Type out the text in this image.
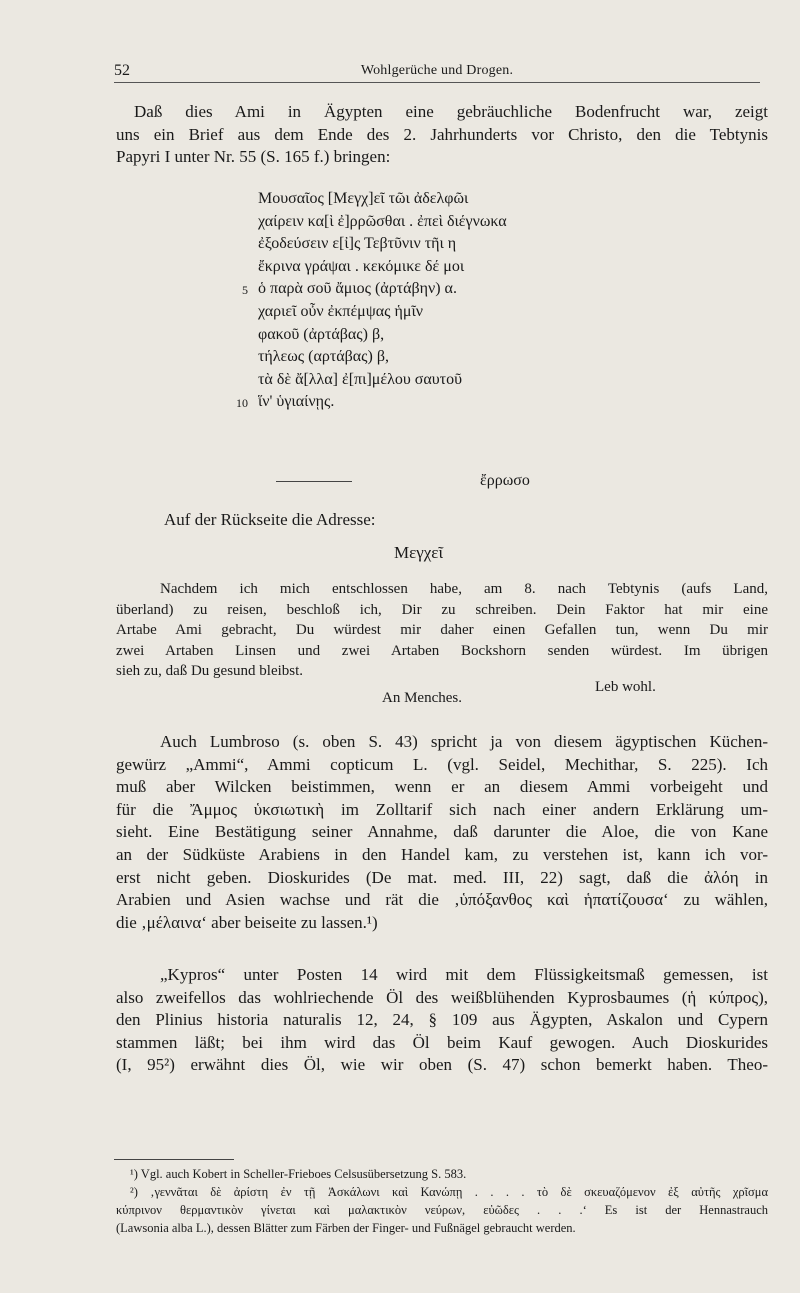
52	Wohlgerüche und Drogen.
Daß dies Ami in Ägypten eine gebräuchliche Bodenfrucht war, zeigt
uns ein Brief aus dem Ende des 2. Jahrhunderts vor Christo, den die Tebtynis
Papyri I unter Nr. 55 (S. 165 f.) bringen:
Μουσαῖος [Μεγχ]εῖ τῶι ἀδελφῶι
χαίρειν κα[ὶ ἐ]ρρῶσθαι . ἐπεὶ διέγνωκα
ἐξοδεύσειν ε[ἰ]ς Τεβτῦνιν τῆι η
ἔκρινα γράψαι . κεκόμικε δέ μοι
5 ὁ παρὰ σοῦ ἄμιος (ἀρτάβην) α.
χαριεῖ οὖν ἐκπέμψας ἡμῖν
φακοῦ (ἀρτάβας) β,
τήλεως (αρτάβας) β,
τὰ δὲ ἄ[λλα] ἐ[πι]μέλου σαυτοῦ
10 ἵν' ὑγιαίνῃς.
ἔρρωσο
Auf der Rückseite die Adresse:
Μεγχεῖ
Nachdem ich mich entschlossen habe, am 8. nach Tebtynis (aufs Land,
überland) zu reisen, beschloß ich, Dir zu schreiben. Dein Faktor hat mir eine
Artabe Ami gebracht, Du würdest mir daher einen Gefallen tun, wenn Du mir
zwei Artaben Linsen und zwei Artaben Bockshorn senden würdest. Im übrigen
sieh zu, daß Du gesund bleibst.
Leb wohl.
An Menches.
Auch Lumbroso (s. oben S. 43) spricht ja von diesem ägyptischen Küchen-
gewürz „Ammi“, Ammi copticum L. (vgl. Seidel, Mechithar, S. 225). Ich
muß aber Wilcken beistimmen, wenn er an diesem Ammi vorbeigeht und
für die Ἄμμος ὑκσιωτικὴ im Zolltarif sich nach einer andern Erklärung um-
sieht. Eine Bestätigung seiner Annahme, daß darunter die Aloe, die von Kane
an der Südküste Arabiens in den Handel kam, zu verstehen ist, kann ich vor-
erst nicht geben. Dioskurides (De mat. med. III, 22) sagt, daß die ἀλόη in
Arabien und Asien wachse und rät die ‚ὑπόξανθος καὶ ἡπατίζουσα‘ zu wählen,
die ‚μέλαινα‘ aber beiseite zu lassen.¹)
„Kypros“ unter Posten 14 wird mit dem Flüssigkeitsmaß gemessen, ist
also zweifellos das wohlriechende Öl des weißblühenden Kyprosbaumes (ἡ κύπρος),
den Plinius historia naturalis 12, 24, § 109 aus Ägypten, Askalon und Cypern
stammen läßt; bei ihm wird das Öl beim Kauf gewogen. Auch Dioskurides
(I, 95²) erwähnt dies Öl, wie wir oben (S. 47) schon bemerkt haben. Theo-
¹) Vgl. auch Kobert in Scheller-Frieboes Celsusübersetzung S. 583.
²) ‚γεννᾶται δὲ ἀρίστη ἐν τῇ Ἀσκάλωνι καὶ Κανώπῃ . . . . τὸ δὲ σκευαζόμενον ἐξ αὐτῆς χρῖσμα
κύπρινον θερμαντικὸν γίνεται καὶ μαλακτικὸν νεύρων, εὐῶδες . . .‘ Es ist der Hennastrauch
(Lawsonia alba L.), dessen Blätter zum Färben der Finger- und Fußnägel gebraucht werden.
